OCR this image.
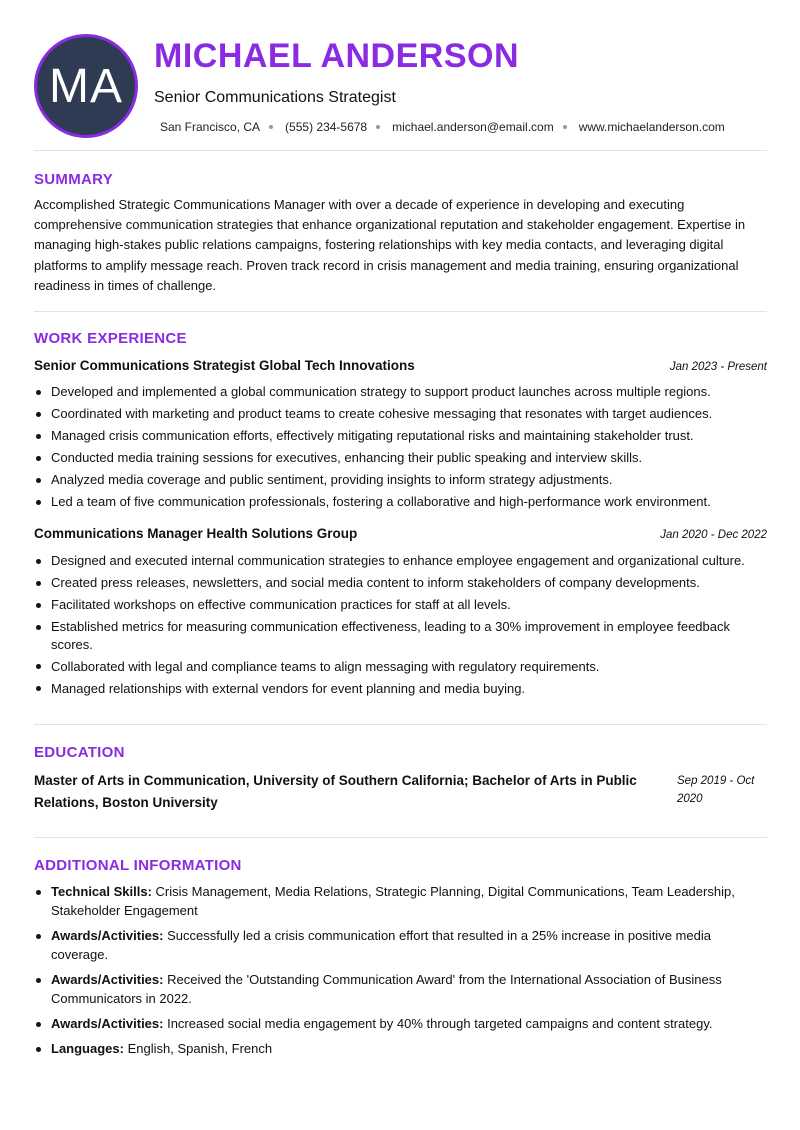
MA
MICHAEL ANDERSON
Senior Communications Strategist
San Francisco, CA (555) 234-5678 michael.anderson@email.com www.michaelanderson.com
SUMMARY
Accomplished Strategic Communications Manager with over a decade of experience in developing and executing comprehensive communication strategies that enhance organizational reputation and stakeholder engagement. Expertise in managing high-stakes public relations campaigns, fostering relationships with key media contacts, and leveraging digital platforms to amplify message reach. Proven track record in crisis management and media training, ensuring organizational readiness in times of challenge.
WORK EXPERIENCE
Senior Communications Strategist Global Tech Innovations	Jan 2023 - Present
Developed and implemented a global communication strategy to support product launches across multiple regions.
Coordinated with marketing and product teams to create cohesive messaging that resonates with target audiences.
Managed crisis communication efforts, effectively mitigating reputational risks and maintaining stakeholder trust.
Conducted media training sessions for executives, enhancing their public speaking and interview skills.
Analyzed media coverage and public sentiment, providing insights to inform strategy adjustments.
Led a team of five communication professionals, fostering a collaborative and high-performance work environment.
Communications Manager Health Solutions Group	Jan 2020 - Dec 2022
Designed and executed internal communication strategies to enhance employee engagement and organizational culture.
Created press releases, newsletters, and social media content to inform stakeholders of company developments.
Facilitated workshops on effective communication practices for staff at all levels.
Established metrics for measuring communication effectiveness, leading to a 30% improvement in employee feedback scores.
Collaborated with legal and compliance teams to align messaging with regulatory requirements.
Managed relationships with external vendors for event planning and media buying.
EDUCATION
Master of Arts in Communication, University of Southern California; Bachelor of Arts in Public Relations, Boston University
Sep 2019 - Oct 2020
ADDITIONAL INFORMATION
Technical Skills: Crisis Management, Media Relations, Strategic Planning, Digital Communications, Team Leadership, Stakeholder Engagement
Awards/Activities: Successfully led a crisis communication effort that resulted in a 25% increase in positive media coverage.
Awards/Activities: Received the 'Outstanding Communication Award' from the International Association of Business Communicators in 2022.
Awards/Activities: Increased social media engagement by 40% through targeted campaigns and content strategy.
Languages: English, Spanish, French
